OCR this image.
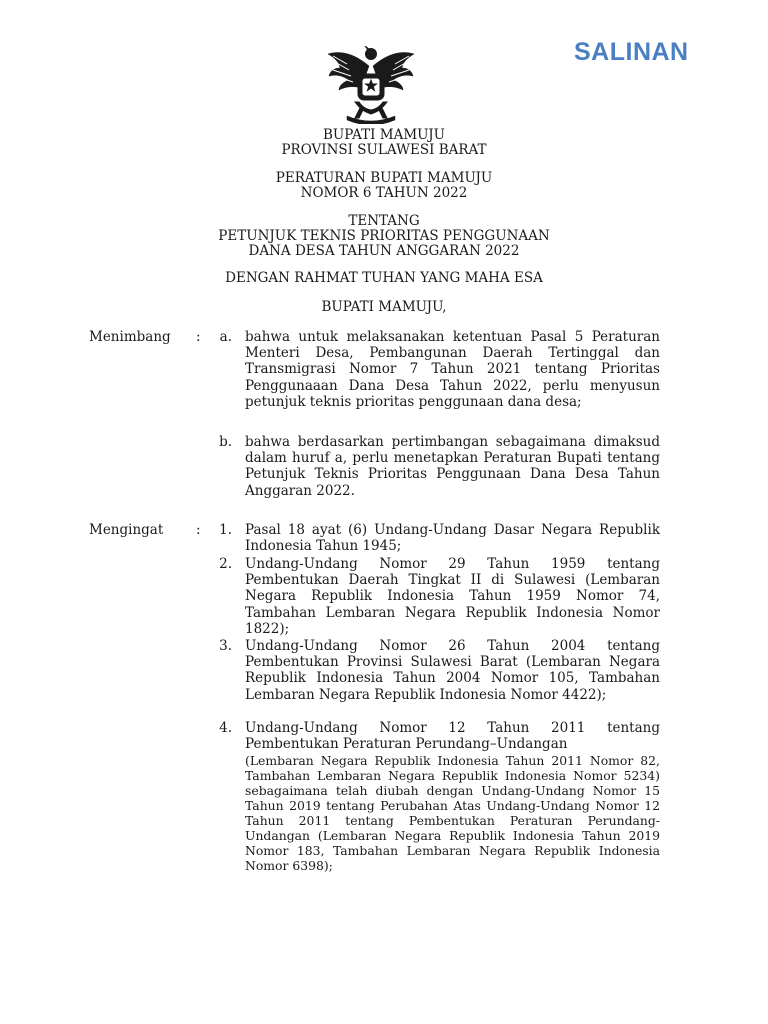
SALINAN
BUPATI MAMUJU
PROVINSI SULAWESI BARAT
PERATURAN BUPATI MAMUJU
NOMOR 6 TAHUN 2022
TENTANG
PETUNJUK TEKNIS PRIORITAS PENGGUNAAN
DANA DESA TAHUN ANGGARAN 2022
DENGAN RAHMAT TUHAN YANG MAHA ESA
BUPATI MAMUJU,
Menimbang :	a. bahwa untuk melaksanakan ketentuan Pasal 5 Peraturan Menteri Desa, Pembangunan Daerah Tertinggal dan Transmigrasi Nomor 7 Tahun 2021 tentang Prioritas Penggunaaan Dana Desa Tahun 2022, perlu menyusun petunjuk teknis prioritas penggunaan dana desa;
b. bahwa berdasarkan pertimbangan sebagaimana dimaksud dalam huruf a, perlu menetapkan Peraturan Bupati tentang Petunjuk Teknis Prioritas Penggunaan Dana Desa Tahun Anggaran 2022.
Mengingat :	1. Pasal 18 ayat (6) Undang-Undang Dasar Negara Republik Indonesia Tahun 1945;
2. Undang-Undang Nomor 29 Tahun 1959 tentang Pembentukan Daerah Tingkat II di Sulawesi (Lembaran Negara Republik Indonesia Tahun 1959 Nomor 74, Tambahan Lembaran Negara Republik Indonesia Nomor 1822);
3. Undang-Undang Nomor 26 Tahun 2004 tentang Pembentukan Provinsi Sulawesi Barat (Lembaran Negara Republik Indonesia Tahun 2004 Nomor 105, Tambahan Lembaran Negara Republik Indonesia Nomor 4422);
4. Undang-Undang Nomor 12 Tahun 2011 tentang Pembentukan Peraturan Perundang–Undangan
(Lembaran Negara Republik Indonesia Tahun 2011 Nomor 82, Tambahan Lembaran Negara Republik Indonesia Nomor 5234) sebagaimana telah diubah dengan Undang-Undang Nomor 15 Tahun 2019 tentang Perubahan Atas Undang-Undang Nomor 12 Tahun 2011 tentang Pembentukan Peraturan Perundang-Undangan (Lembaran Negara Republik Indonesia Tahun 2019 Nomor 183, Tambahan Lembaran Negara Republik Indonesia Nomor 6398);
